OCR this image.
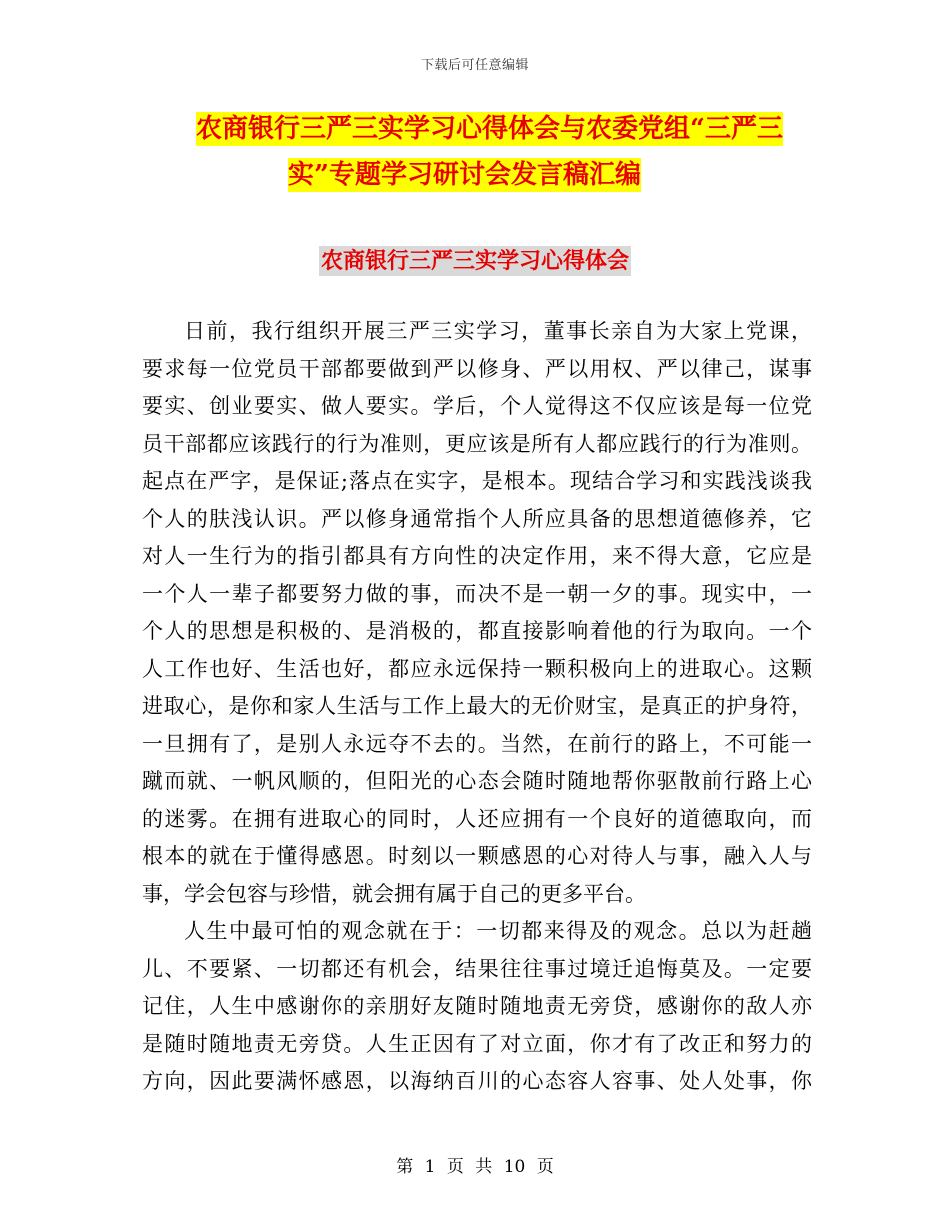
下载后可任意编辑
农商银行三严三实学习心得体会与农委党组“三严三
实”专题学习研讨会发言稿汇编
农商银行三严三实学习心得体会
日前，我行组织开展三严三实学习，董事长亲自为大家上党课，
要求每一位党员干部都要做到严以修身、严以用权、严以律己，谋事
要实、创业要实、做人要实。学后，个人觉得这不仅应该是每一位党
员干部都应该践行的行为准则，更应该是所有人都应践行的行为准则。
起点在严字，是保证;落点在实字，是根本。现结合学习和实践浅谈我
个人的肤浅认识。严以修身通常指个人所应具备的思想道德修养，它
对人一生行为的指引都具有方向性的决定作用，来不得大意，它应是
一个人一辈子都要努力做的事，而决不是一朝一夕的事。现实中，一
个人的思想是积极的、是消极的，都直接影响着他的行为取向。一个
人工作也好、生活也好，都应永远保持一颗积极向上的进取心。这颗
进取心，是你和家人生活与工作上最大的无价财宝，是真正的护身符，
一旦拥有了，是别人永远夺不去的。当然，在前行的路上，不可能一
蹴而就、一帆风顺的，但阳光的心态会随时随地帮你驱散前行路上心
的迷雾。在拥有进取心的同时，人还应拥有一个良好的道德取向，而
根本的就在于懂得感恩。时刻以一颗感恩的心对待人与事，融入人与
事，学会包容与珍惜，就会拥有属于自己的更多平台。
人生中最可怕的观念就在于：一切都来得及的观念。总以为赶趟
儿、不要紧、一切都还有机会，结果往往事过境迁追悔莫及。一定要
记住，人生中感谢你的亲朋好友随时随地责无旁贷，感谢你的敌人亦
是随时随地责无旁贷。人生正因有了对立面，你才有了改正和努力的
方向，因此要满怀感恩，以海纳百川的心态容人容事、处人处事，你
第 1 页 共 10 页
